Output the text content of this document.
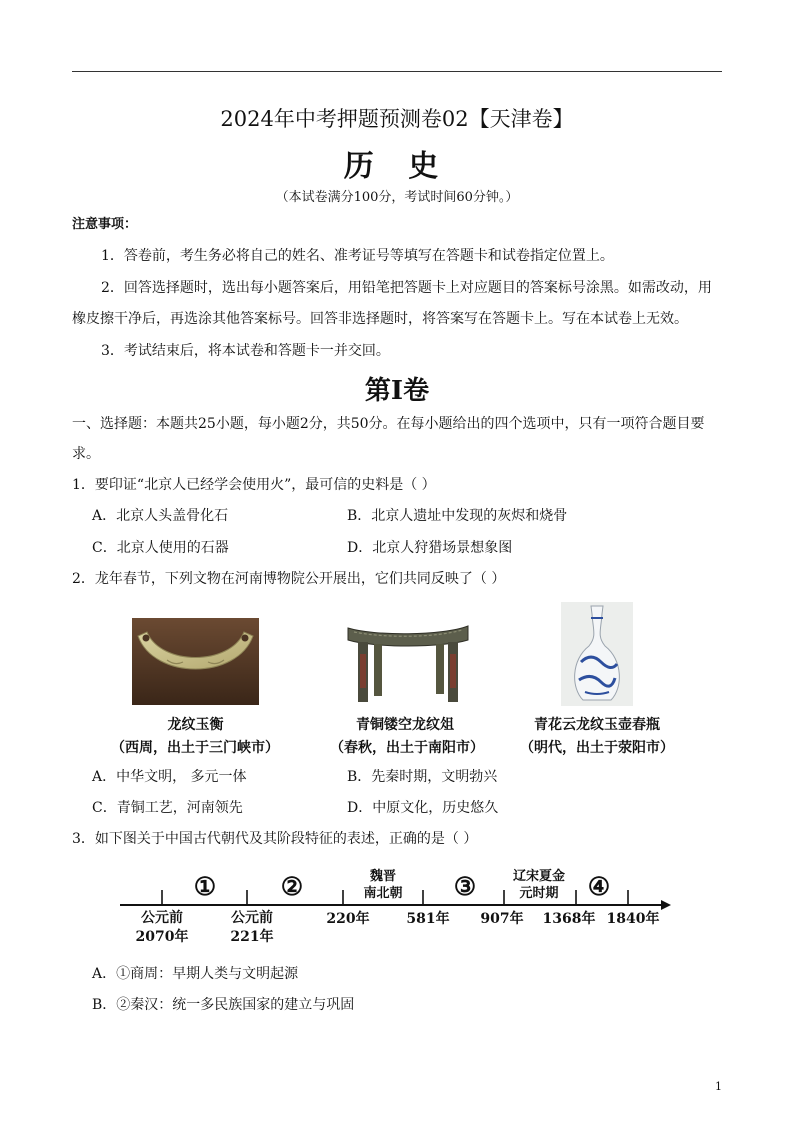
2024年中考押题预测卷02【天津卷】
历 史
（本试卷满分100分，考试时间60分钟。）
注意事项：
1．答卷前，考生务必将自己的姓名、准考证号等填写在答题卡和试卷指定位置上。
2．回答选择题时，选出每小题答案后，用铅笔把答题卡上对应题目的答案标号涂黑。如需改动，用
橡皮擦干净后，再选涂其他答案标号。回答非选择题时，将答案写在答题卡上。写在本试卷上无效。
3．考试结束后，将本试卷和答题卡一并交回。
第Ⅰ卷
一、选择题：本题共25小题，每小题2分，共50分。在每小题给出的四个选项中，只有一项符合题目要
求。
1．要印证“北京人已经学会使用火”，最可信的史料是（ ）
A．北京人头盖骨化石	B．北京人遗址中发现的灰烬和烧骨
C．北京人使用的石器	D．北京人狩猎场景想象图
2．龙年春节，下列文物在河南博物院公开展出，它们共同反映了（ ）
龙纹玉衡
（西周，出土于三门峡市）
青铜镂空龙纹俎
（春秋，出土于南阳市）
青花云龙纹玉壶春瓶
（明代，出土于荥阳市）
A．中华文明， 多元一体	B．先秦时期，文明勃兴
C．青铜工艺，河南领先	D．中原文化，历史悠久
3．如下图关于中国古代朝代及其阶段特征的表述，正确的是（ ）
①	②	③	④
魏晋
南北朝
辽宋夏金
元时期
公元前
2070年
公元前
221年
220年	581年 907年 1368年 1840年
A．①商周：早期人类与文明起源
B．②秦汉：统一多民族国家的建立与巩固
1
